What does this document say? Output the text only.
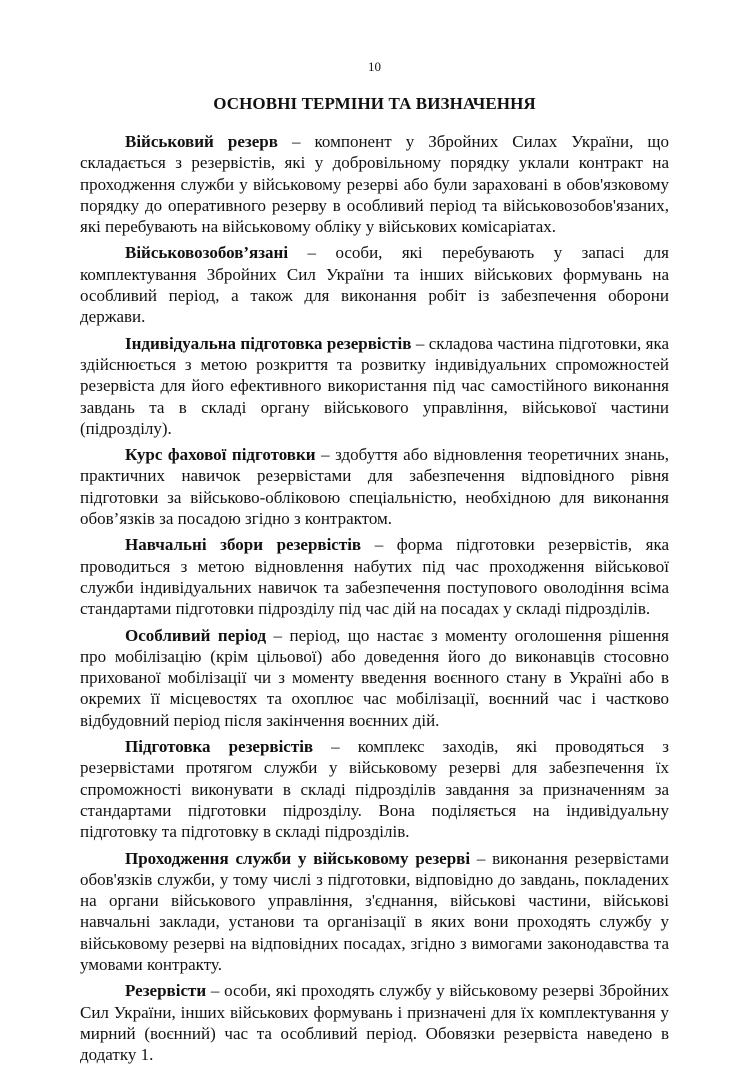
10
ОСНОВНІ ТЕРМІНИ ТА ВИЗНАЧЕННЯ

Військовий резерв – компонент у Збройних Силах України, що складається з резервістів, які у добровільному порядку уклали контракт на проходження служби у військовому резерві або були зараховані в обов'язковому порядку до оперативного резерву в особливий період та військовозобов'язаних, які перебувають на військовому обліку у військових комісаріатах.

Військовозобов’язані – особи, які перебувають у запасі для комплектування Збройних Сил України та інших військових формувань на особливий період, а також для виконання робіт із забезпечення оборони держави.

Індивідуальна підготовка резервістів – складова частина підготовки, яка здійснюється з метою розкриття та розвитку індивідуальних спроможностей резервіста для його ефективного використання під час самостійного виконання завдань та в складі органу військового управління, військової частини (підрозділу).

Курс фахової підготовки – здобуття або відновлення теоретичних знань, практичних навичок резервістами для забезпечення відповідного рівня підготовки за військово-обліковою спеціальністю, необхідною для виконання обов’язків за посадою згідно з контрактом.

Навчальні збори резервістів – форма підготовки резервістів, яка проводиться з метою відновлення набутих під час проходження військової служби індивідуальних навичок та забезпечення поступового оволодіння всіма стандартами підготовки підрозділу під час дій на посадах у складі підрозділів.

Особливий період – період, що настає з моменту оголошення рішення про мобілізацію (крім цільової) або доведення його до виконавців стосовно прихованої мобілізації чи з моменту введення воєнного стану в Україні або в окремих її місцевостях та охоплює час мобілізації, воєнний час і частково відбудовний період після закінчення воєнних дій.

Підготовка резервістів – комплекс заходів, які проводяться з резервістами протягом служби у військовому резерві для забезпечення їх спроможності виконувати в складі підрозділів завдання за призначенням за стандартами підготовки підрозділу. Вона поділяється на індивідуальну підготовку та підготовку в складі підрозділів.

Проходження служби у військовому резерві – виконання резервістами обов'язків служби, у тому числі з підготовки, відповідно до завдань, покладених на органи військового управління, з'єднання, військові частини, військові навчальні заклади, установи та організації в яких вони проходять службу у військовому резерві на відповідних посадах, згідно з вимогами законодавства та умовами контракту.

Резервісти – особи, які проходять службу у військовому резерві Збройних Сил України, інших військових формувань і призначені для їх комплектування у мирний (воєнний) час та особливий період. Обовязки резервіста наведено в додатку 1.
